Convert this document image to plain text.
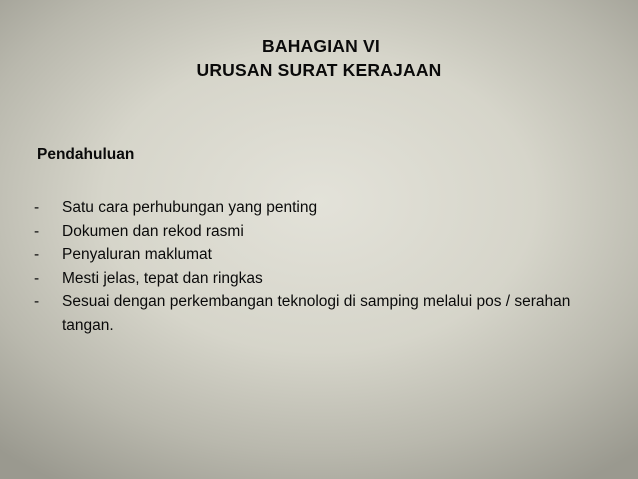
BAHAGIAN VI
URUSAN SURAT KERAJAAN
Pendahuluan
- Satu cara perhubungan yang penting
- Dokumen dan rekod rasmi
- Penyaluran maklumat
- Mesti jelas, tepat dan ringkas
- Sesuai dengan perkembangan teknologi di samping melalui pos / serahan tangan.
